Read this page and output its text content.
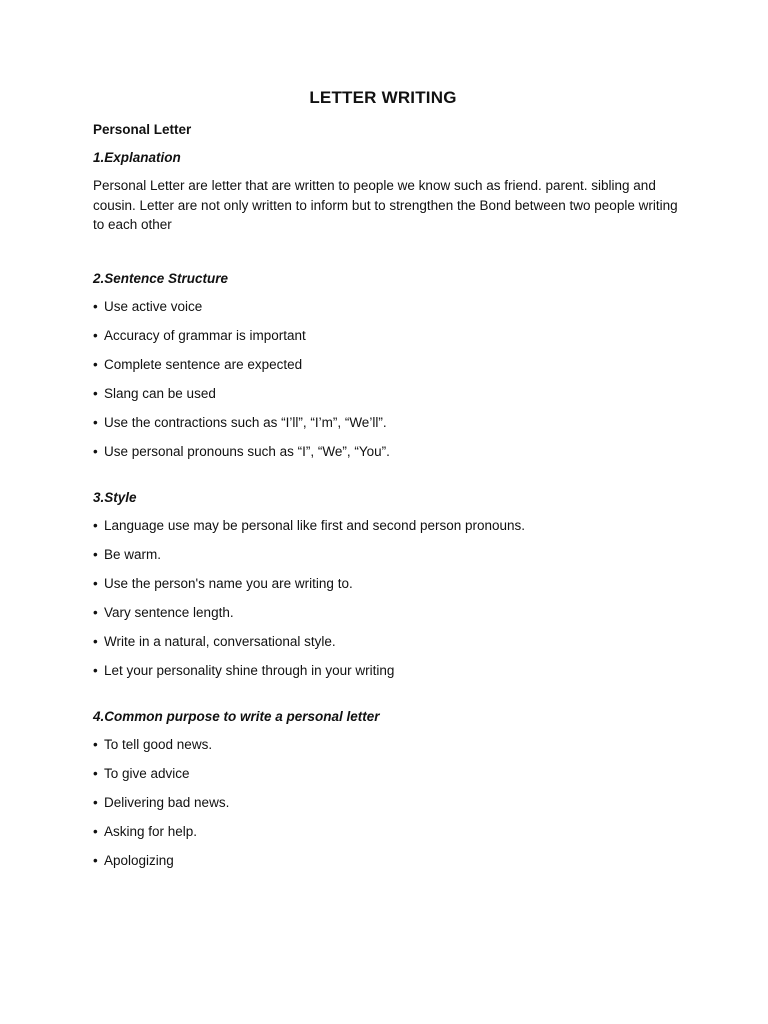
LETTER WRITING
Personal Letter
1.Explanation

Personal Letter are letter that are written to people we know such as friend. parent. sibling and cousin. Letter are not only written to inform but to strengthen the Bond between two people writing to each other

2.Sentence Structure
• Use active voice
• Accuracy of grammar is important
• Complete sentence are expected
• Slang can be used
• Use the contractions such as “I’ll”, “I’m”, “We’ll”.
• Use personal pronouns such as “I”, “We”, “You”.
3.Style
• Language use may be personal like first and second person pronouns.
• Be warm.
• Use the person's name you are writing to.
• Vary sentence length.
• Write in a natural, conversational style.
• Let your personality shine through in your writing
4.Common purpose to write a personal letter
• To tell good news.
• To give advice
• Delivering bad news.
• Asking for help.
• Apologizing
